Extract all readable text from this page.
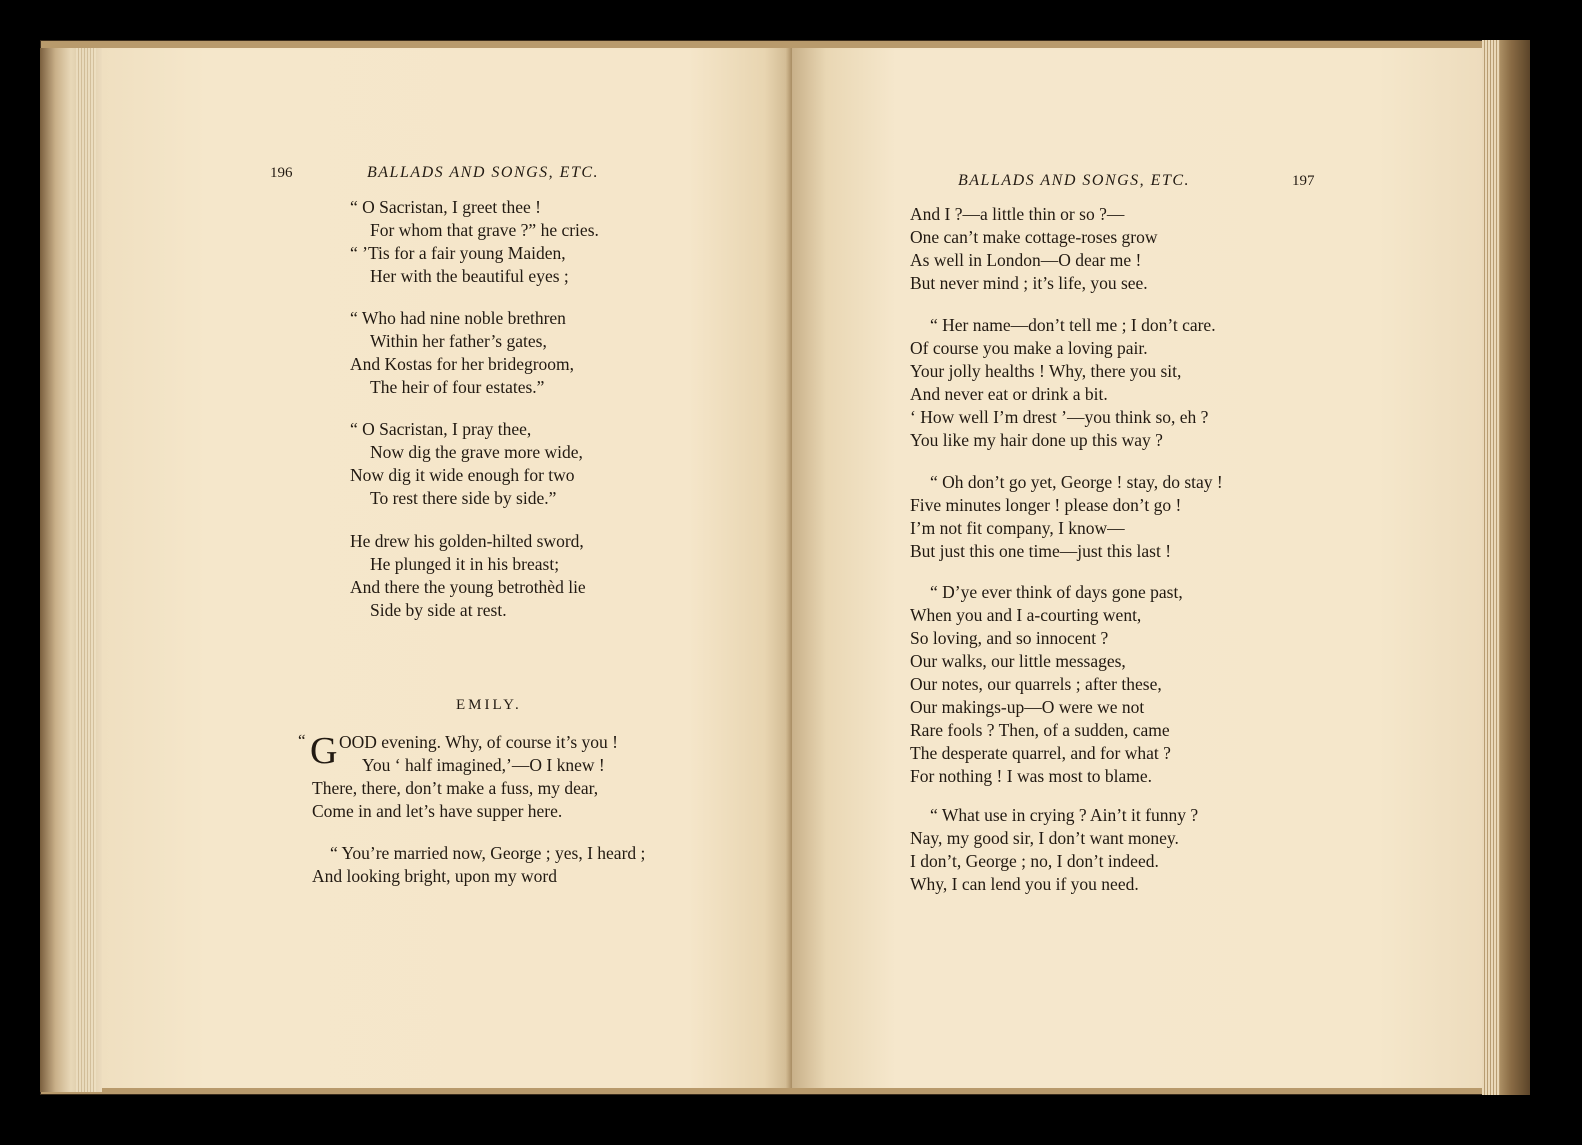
196	BALLADS AND SONGS, ETC.
“ O Sacristan, I greet thee !
For whom that grave ?” he cries.
“ ’Tis for a fair young Maiden,
Her with the beautiful eyes ;
“ Who had nine noble brethren
Within her father’s gates,
And Kostas for her bridegroom,
The heir of four estates.”
“ O Sacristan, I pray thee,
Now dig the grave more wide,
Now dig it wide enough for two
To rest there side by side.”
He drew his golden-hilted sword,
He plunged it in his breast;
And there the young betrothèd lie
Side by side at rest.
EMILY.
“ G OOD evening. Why, of course it’s you !
You ‘ half imagined,’—O I knew !
There, there, don’t make a fuss, my dear,
Come in and let’s have supper here.
“ You’re married now, George ; yes, I heard ;
And looking bright, upon my word
BALLADS AND SONGS, ETC.	197
And I ?—a little thin or so ?—
One can’t make cottage-roses grow
As well in London—O dear me !
But never mind ; it’s life, you see.
“ Her name—don’t tell me ; I don’t care.
Of course you make a loving pair.
Your jolly healths ! Why, there you sit,
And never eat or drink a bit.
‘ How well I’m drest ’—you think so, eh ?
You like my hair done up this way ?
“ Oh don’t go yet, George ! stay, do stay !
Five minutes longer ! please don’t go !
I’m not fit company, I know—
But just this one time—just this last !
“ D’ye ever think of days gone past,
When you and I a-courting went,
So loving, and so innocent ?
Our walks, our little messages,
Our notes, our quarrels ; after these,
Our makings-up—O were we not
Rare fools ? Then, of a sudden, came
The desperate quarrel, and for what ?
For nothing ! I was most to blame.
“ What use in crying ? Ain’t it funny ?
Nay, my good sir, I don’t want money.
I don’t, George ; no, I don’t indeed.
Why, I can lend you if you need.
